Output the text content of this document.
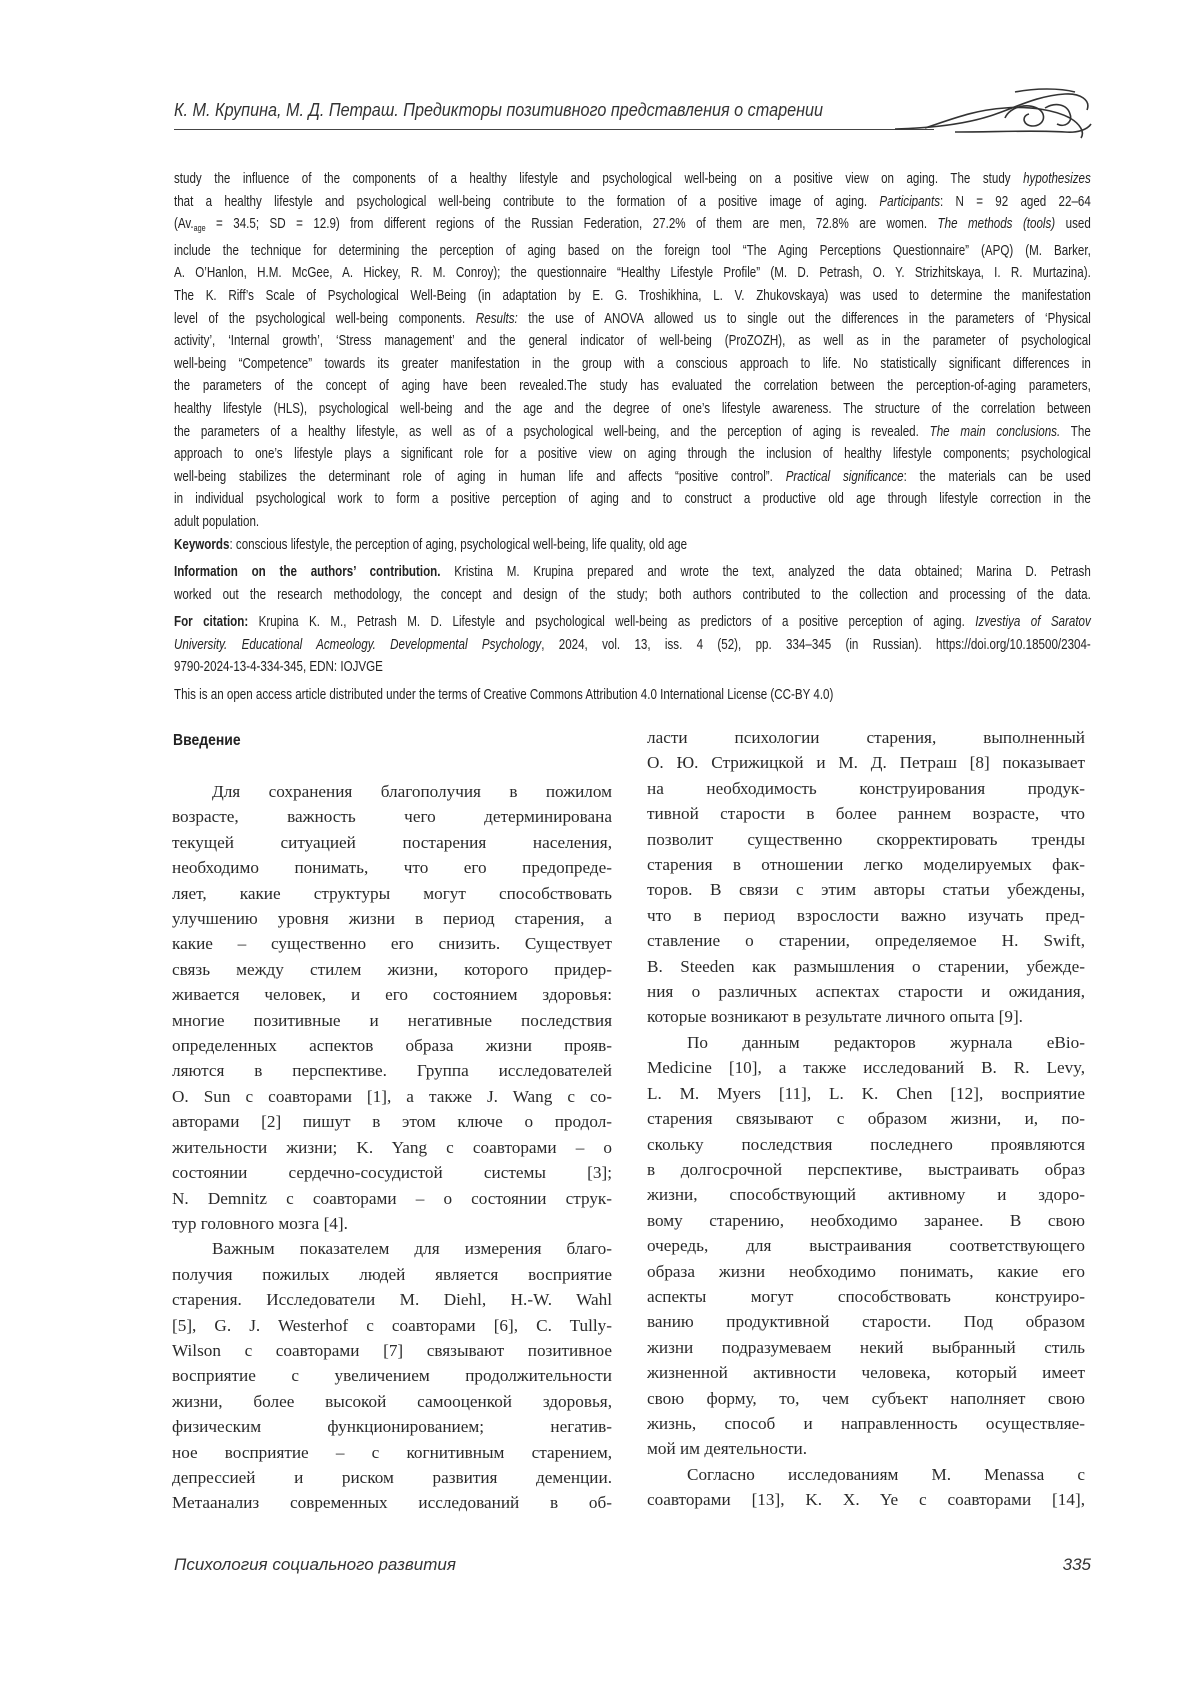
К. М. Крупина, М. Д. Петраш. Предикторы позитивного представления о старении
study the influence of the components of a healthy lifestyle and psychological well-being on a positive view on aging. The study hypothesizes
that a healthy lifestyle and psychological well-being contribute to the formation of a positive image of aging. Participants: N = 92 aged 22–64
(Av.age = 34.5; SD = 12.9) from different regions of the Russian Federation, 27.2% of them are men, 72.8% are women. The methods (tools) used
include the technique for determining the perception of aging based on the foreign tool “The Aging Perceptions Questionnaire” (APQ) (M. Barker,
A. O’Hanlon, H.M. McGee, A. Hickey, R. M. Conroy); the questionnaire “Healthy Lifestyle Profile” (M. D. Petrash, O. Y. Strizhitskaya, I. R. Murtazina).
The K. Riff’s Scale of Psychological Well-Being (in adaptation by E. G. Troshikhina, L. V. Zhukovskaya) was used to determine the manifestation
level of the psychological well-being components. Results: the use of ANOVA allowed us to single out the differences in the parameters of ‘Physical
activity’, ‘Internal growth’, ‘Stress management’ and the general indicator of well-being (ProZOZH), as well as in the parameter of psychological
well-being “Competence” towards its greater manifestation in the group with a conscious approach to life. No statistically significant differences in
the parameters of the concept of aging have been revealed.The study has evaluated the correlation between the perception-of-aging parameters,
healthy lifestyle (HLS), psychological well-being and the age and the degree of one’s lifestyle awareness. The structure of the correlation between
the parameters of a healthy lifestyle, as well as of a psychological well-being, and the perception of aging is revealed. The main conclusions. The
approach to one’s lifestyle plays a significant role for a positive view on aging through the inclusion of healthy lifestyle components; psychological
well-being stabilizes the determinant role of aging in human life and affects “positive control”. Practical significance: the materials can be used
in individual psychological work to form a positive perception of aging and to construct a productive old age through lifestyle correction in the
adult population.
Keywords: conscious lifestyle, the perception of aging, psychological well-being, life quality, old age
Information on the authors’ contribution. Kristina M. Krupina prepared and wrote the text, analyzed the data obtained; Marina D. Petrash
worked out the research methodology, the concept and design of the study; both authors contributed to the collection and processing of the data.
For citation: Krupina K. M., Petrash M. D. Lifestyle and psychological well-being as predictors of a positive perception of aging. Izvestiya of Saratov
University. Educational Acmeology. Developmental Psychology, 2024, vol. 13, iss. 4 (52), pp. 334–345 (in Russian). https://doi.org/10.18500/2304-
9790-2024-13-4-334-345, EDN: IOJVGE
This is an open access article distributed under the terms of Creative Commons Attribution 4.0 International License (CC-BY 4.0)
Введение
Для сохранения благополучия в пожилом
возрасте, важность чего детерминирована
текущей ситуацией постарения населения,
необходимо понимать, что его предопреде-
ляет, какие структуры могут способствовать
улучшению уровня жизни в период старения, а
какие – существенно его снизить. Существует
связь между стилем жизни, которого придер-
живается человек, и его состоянием здоровья:
многие позитивные и негативные последствия
определенных аспектов образа жизни прояв-
ляются в перспективе. Группа исследователей
O. Sun с соавторами [1], а также J. Wang с со-
авторами [2] пишут в этом ключе о продол-
жительности жизни; K. Yang с соавторами – о
состоянии сердечно-сосудистой системы [3];
N. Demnitz с соавторами – о состоянии струк-
тур головного мозга [4].
Важным показателем для измерения благо-
получия пожилых людей является восприятие
старения. Исследователи M. Diehl, H.-W. Wahl
[5], G. J. Westerhof с соавторами [6], C. Tully-
Wilson с соавторами [7] связывают позитивное
восприятие с увеличением продолжительности
жизни, более высокой самооценкой здоровья,
физическим функционированием; негатив-
ное восприятие – с когнитивным старением,
депрессией и риском развития деменции.
Метаанализ современных исследований в об-
ласти психологии старения, выполненный
О. Ю. Стрижицкой и М. Д. Петраш [8] показывает
на необходимость конструирования продук-
тивной старости в более раннем возрасте, что
позволит существенно скорректировать тренды
старения в отношении легко моделируемых фак-
торов. В связи с этим авторы статьи убеждены,
что в период взрослости важно изучать пред-
ставление о старении, определяемое H. Swift,
B. Steeden как размышления о старении, убежде-
ния о различных аспектах старости и ожидания,
которые возникают в результате личного опыта [9].
По данным редакторов журнала eBio-
Medicine [10], а также исследований B. R. Levy,
L. M. Myers [11], L. K. Chen [12], восприятие
старения связывают с образом жизни, и, по-
скольку последствия последнего проявляются
в долгосрочной перспективе, выстраивать образ
жизни, способствующий активному и здоро-
вому старению, необходимо заранее. В свою
очередь, для выстраивания соответствующего
образа жизни необходимо понимать, какие его
аспекты могут способствовать конструиро-
ванию продуктивной старости. Под образом
жизни подразумеваем некий выбранный стиль
жизненной активности человека, который имеет
свою форму, то, чем субъект наполняет свою
жизнь, способ и направленность осуществляе-
мой им деятельности.
Согласно исследованиям M. Menassa с
соавторами [13], K. X. Ye с соавторами [14],
Психология социального развития	335
